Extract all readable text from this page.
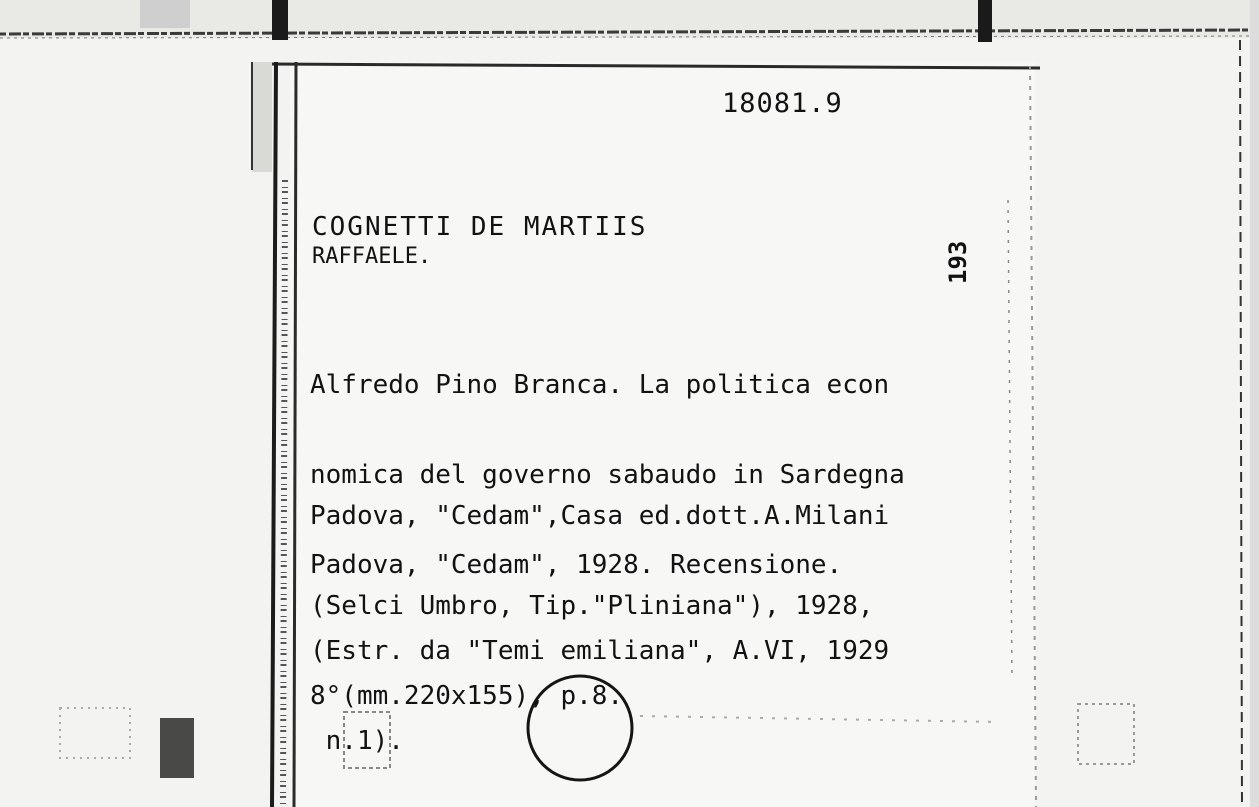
18081.9

COGNETTI DE MARTIIS

RAFFAELE.	193

Alfredo Pino Branca. La politica econ

nomica del governo sabaudo in Sardegna

Padova, "Cedam", 1928. Recensione.

Padova, "Cedam",Casa ed.dott.A.Milani

(Selci Umbro, Tip."Pliniana"), 1928,

8°(mm.220x155), p.8.

(Estr. da "Temi emiliana", A.VI, 1929

n.1).
